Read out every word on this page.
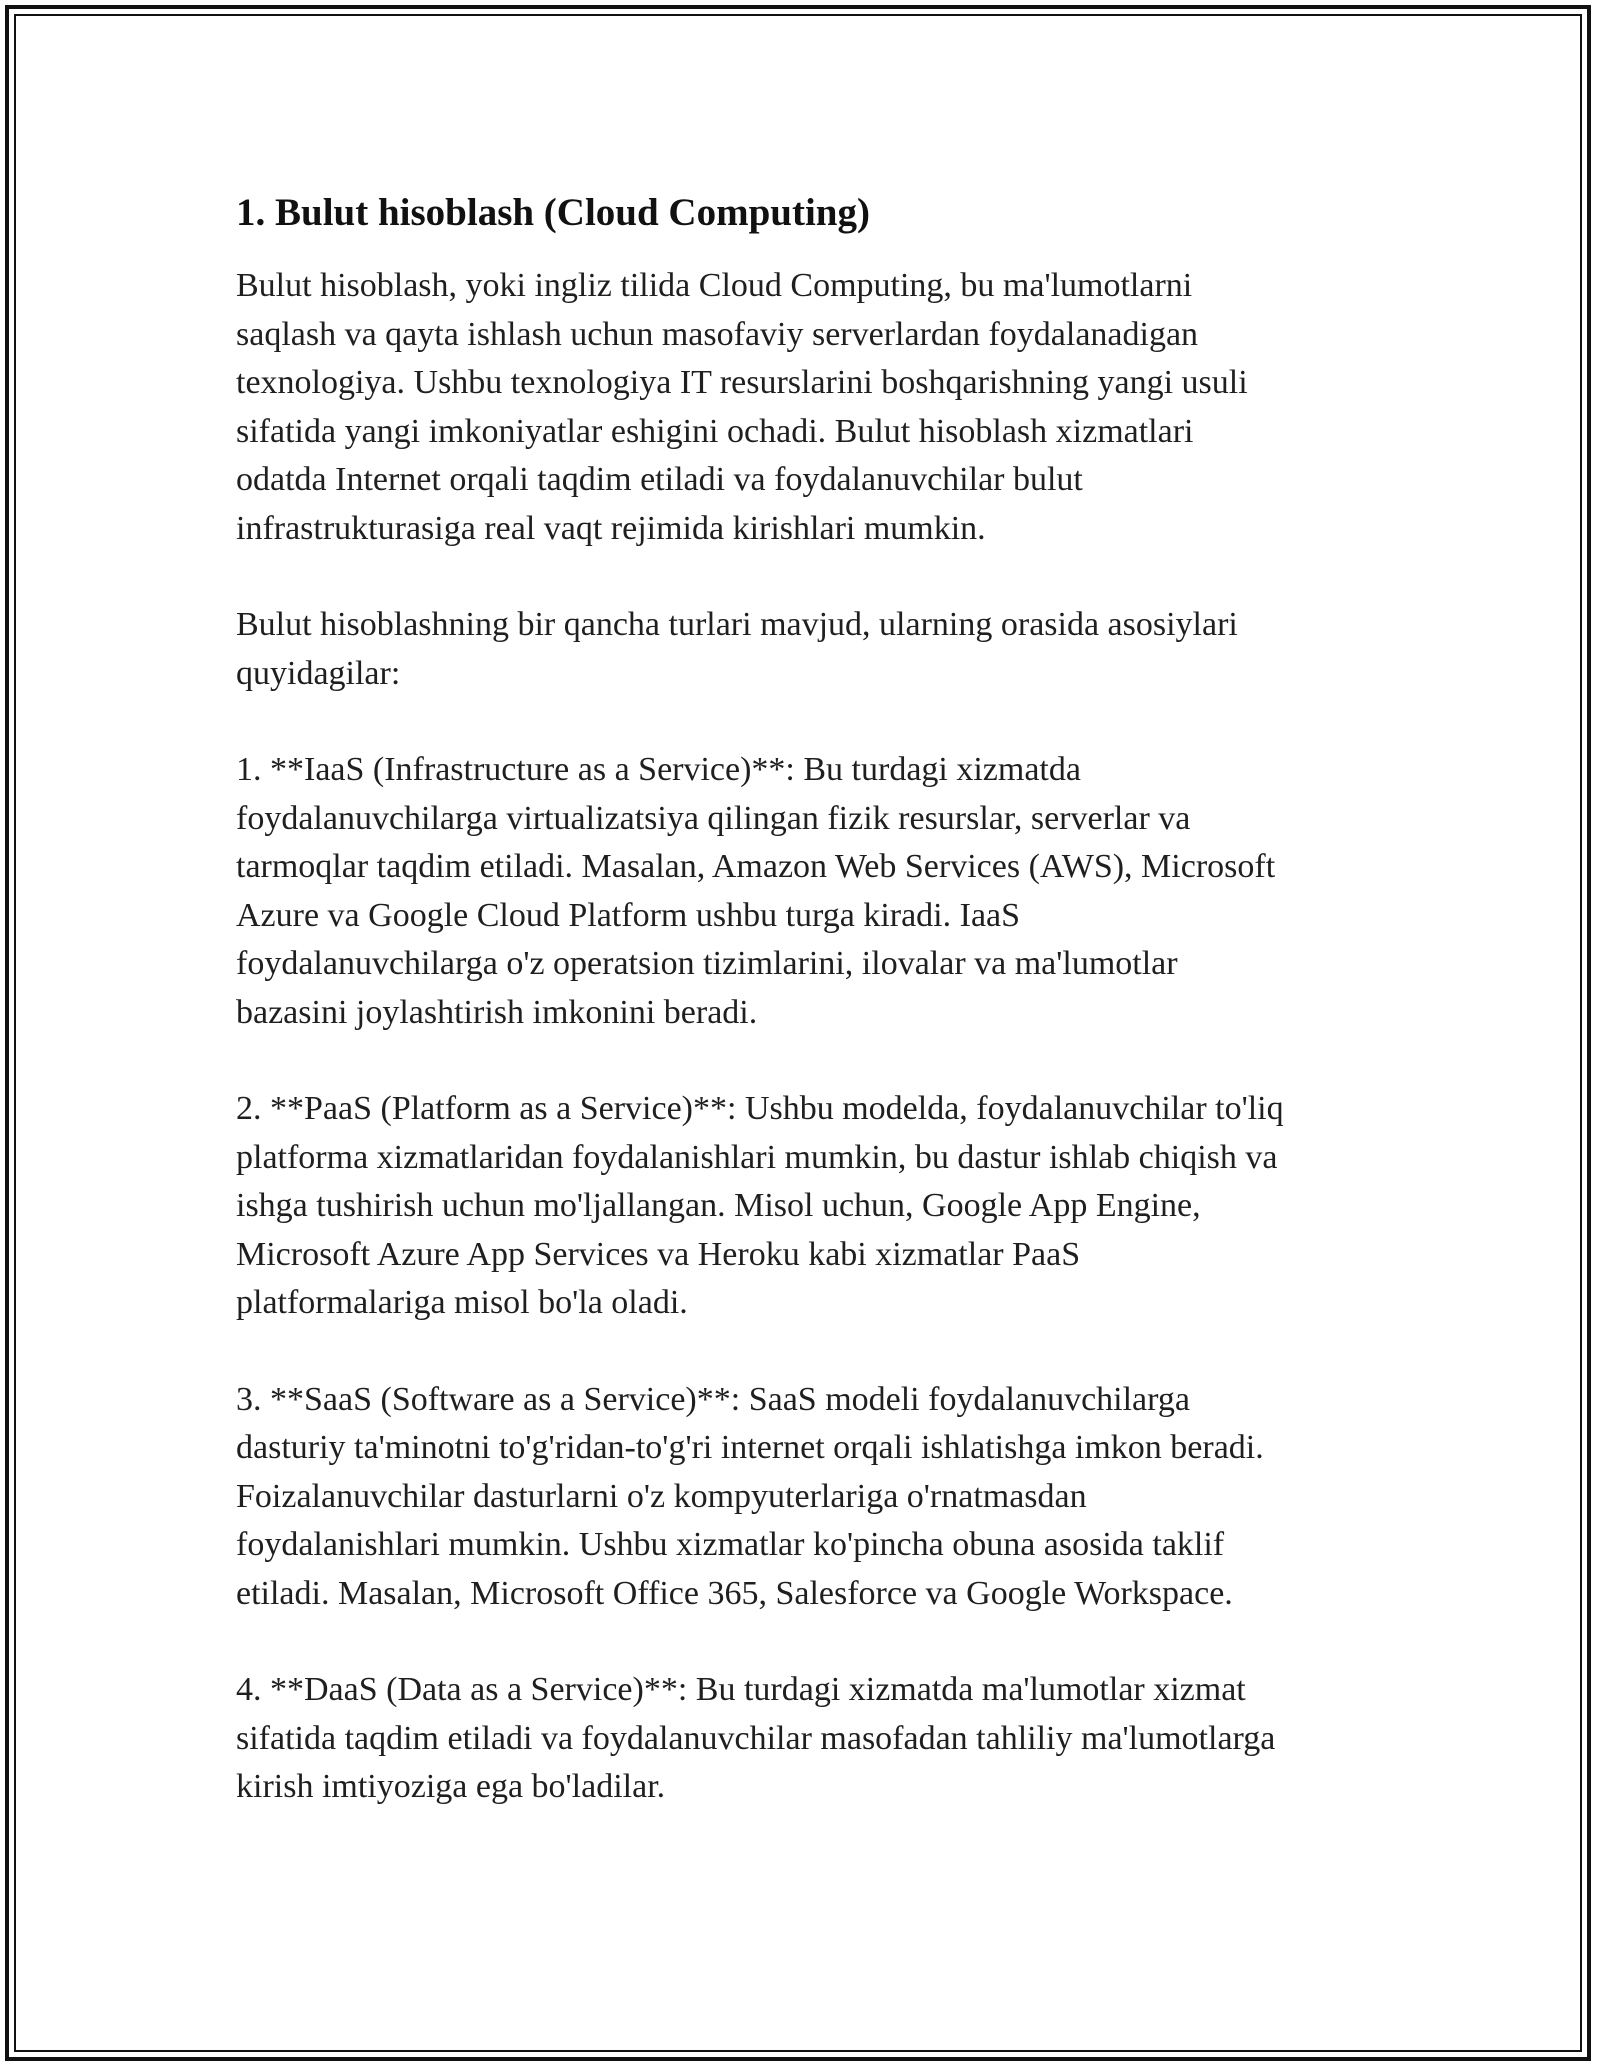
1. Bulut hisoblash (Cloud Computing)

Bulut hisoblash, yoki ingliz tilida Cloud Computing, bu ma'lumotlarni
saqlash va qayta ishlash uchun masofaviy serverlardan foydalanadigan
texnologiya. Ushbu texnologiya IT resurslarini boshqarishning yangi usuli
sifatida yangi imkoniyatlar eshigini ochadi. Bulut hisoblash xizmatlari
odatda Internet orqali taqdim etiladi va foydalanuvchilar bulut
infrastrukturasiga real vaqt rejimida kirishlari mumkin.

Bulut hisoblashning bir qancha turlari mavjud, ularning orasida asosiylari
quyidagilar:

1. **IaaS (Infrastructure as a Service)**: Bu turdagi xizmatda
foydalanuvchilarga virtualizatsiya qilingan fizik resurslar, serverlar va
tarmoqlar taqdim etiladi. Masalan, Amazon Web Services (AWS), Microsoft
Azure va Google Cloud Platform ushbu turga kiradi. IaaS
foydalanuvchilarga o'z operatsion tizimlarini, ilovalar va ma'lumotlar
bazasini joylashtirish imkonini beradi.

2. **PaaS (Platform as a Service)**: Ushbu modelda, foydalanuvchilar to'liq
platforma xizmatlaridan foydalanishlari mumkin, bu dastur ishlab chiqish va
ishga tushirish uchun mo'ljallangan. Misol uchun, Google App Engine,
Microsoft Azure App Services va Heroku kabi xizmatlar PaaS
platformalariga misol bo'la oladi.

3. **SaaS (Software as a Service)**: SaaS modeli foydalanuvchilarga
dasturiy ta'minotni to'g'ridan-to'g'ri internet orqali ishlatishga imkon beradi.
Foizalanuvchilar dasturlarni o'z kompyuterlariga o'rnatmasdan
foydalanishlari mumkin. Ushbu xizmatlar ko'pincha obuna asosida taklif
etiladi. Masalan, Microsoft Office 365, Salesforce va Google Workspace.

4. **DaaS (Data as a Service)**: Bu turdagi xizmatda ma'lumotlar xizmat
sifatida taqdim etiladi va foydalanuvchilar masofadan tahliliy ma'lumotlarga
kirish imtiyoziga ega bo'ladilar.
